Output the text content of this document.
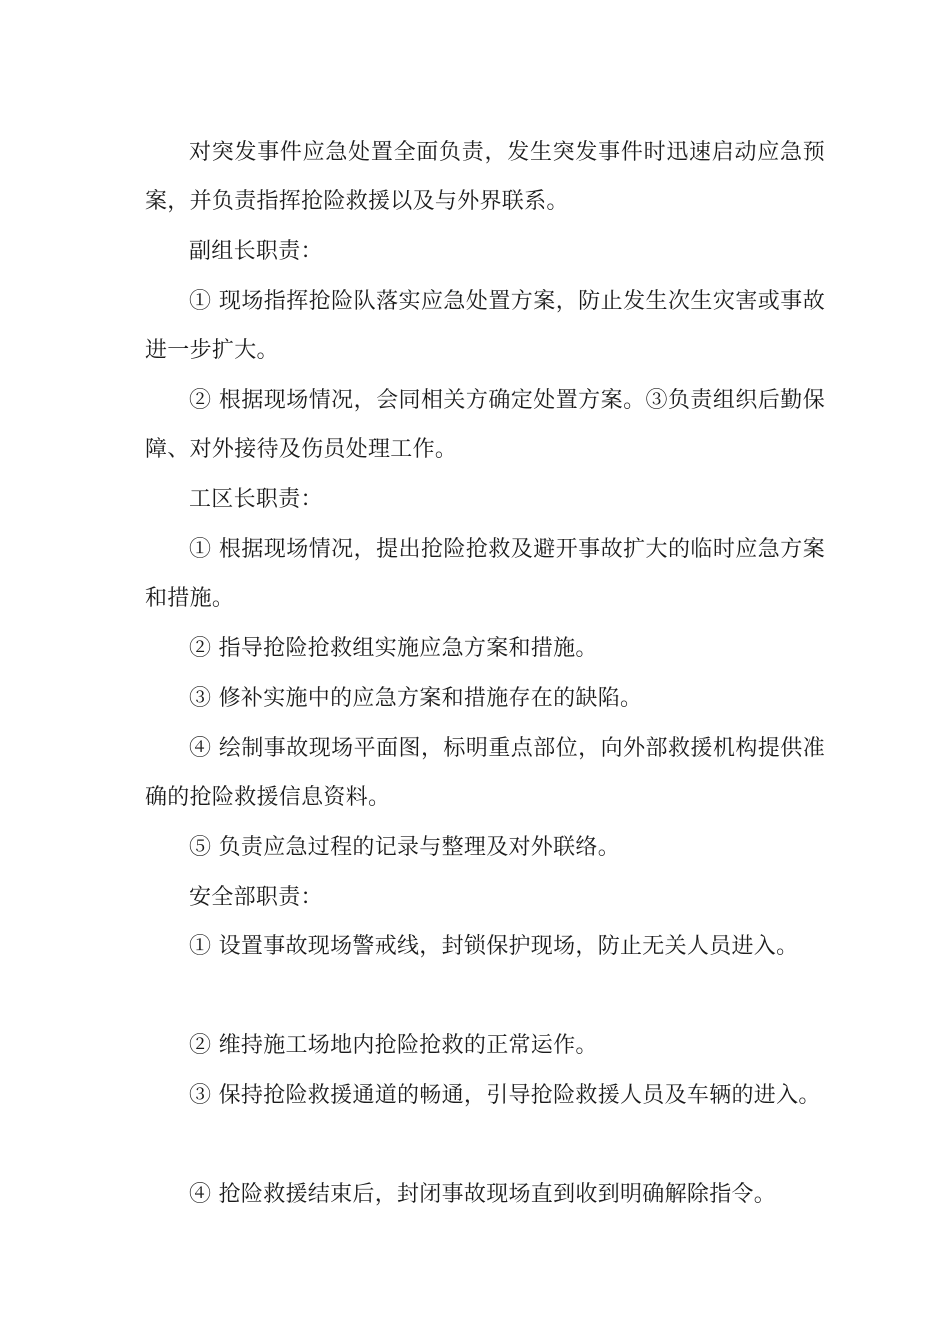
对突发事件应急处置全面负责，发生突发事件时迅速启动应急预案，并负责指挥抢险救援以及与外界联系。

副组长职责：

① 现场指挥抢险队落实应急处置方案，防止发生次生灾害或事故进一步扩大。

② 根据现场情况，会同相关方确定处置方案。③负责组织后勤保障、对外接待及伤员处理工作。

工区长职责：

① 根据现场情况，提出抢险抢救及避开事故扩大的临时应急方案和措施。

② 指导抢险抢救组实施应急方案和措施。

③ 修补实施中的应急方案和措施存在的缺陷。

④ 绘制事故现场平面图，标明重点部位，向外部救援机构提供准确的抢险救援信息资料。

⑤ 负责应急过程的记录与整理及对外联络。

安全部职责：

① 设置事故现场警戒线，封锁保护现场，防止无关人员进入。

② 维持施工场地内抢险抢救的正常运作。

③ 保持抢险救援通道的畅通，引导抢险救援人员及车辆的进入。

④ 抢险救援结束后，封闭事故现场直到收到明确解除指令。
